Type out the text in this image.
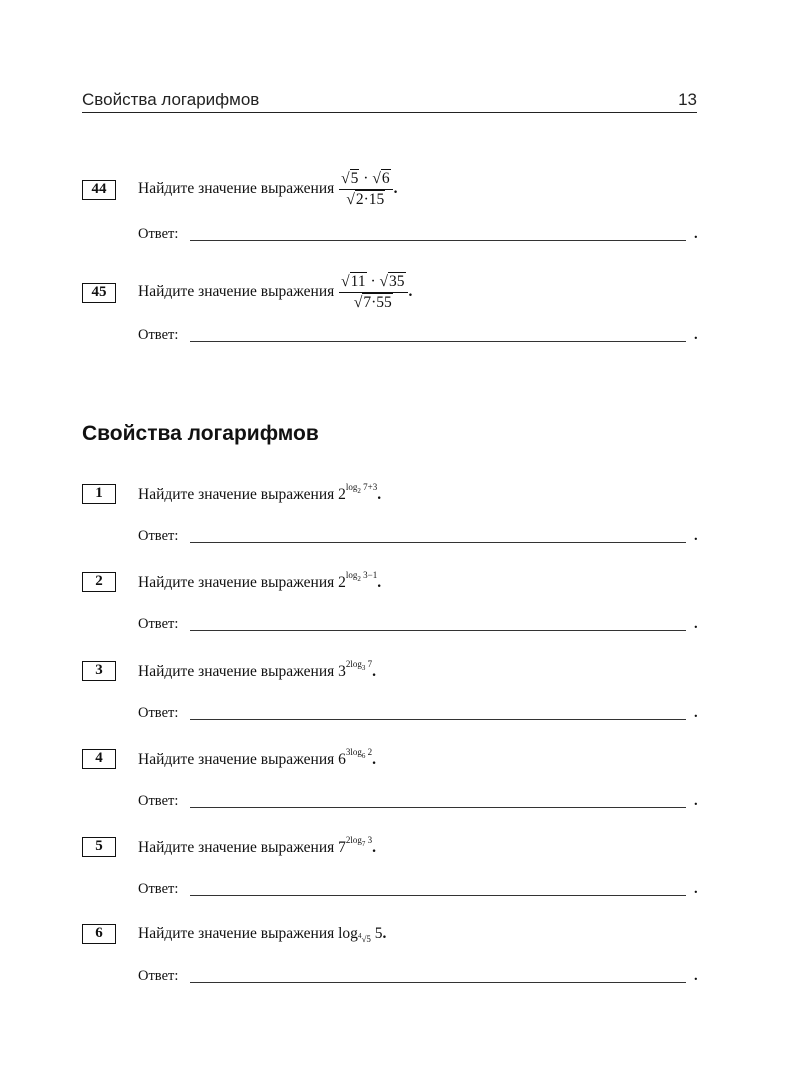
Свойства логарифмов	13
44	Найдите значение выражения $\frac{√5 \cdot √6}{√2\cdot 15}$ .
Ответ:	.
45	Найдите значение выражения $\frac{√11 \cdot √35}{√7\cdot 55}$ .
Ответ:	.
Свойства логарифмов
1	Найдите значение выражения $2^{log_2 7+3}$.
Ответ:	.
2	Найдите значение выражения $2^{log_2 3-1}$.
Ответ:	.
3	Найдите значение выражения $3^{2log_3 7}$.
Ответ:	.
4	Найдите значение выражения $6^{3log_6 2}$.
Ответ:	.
5	Найдите значение выражения $7^{2log_7 3}$.
Ответ:	.
6	Найдите значение выражения $\log_{^4√5} 5$.
Ответ:	.
